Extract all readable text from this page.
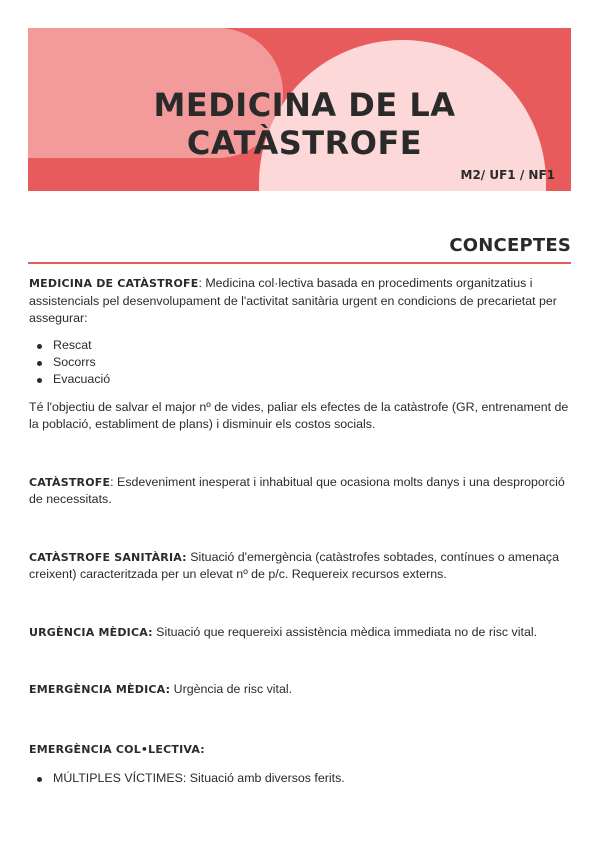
MEDICINA DE LA CATÀSTROFE
M2/ UF1 / NF1
CONCEPTES

MEDICINA DE CATÀSTROFE: Medicina col·lectiva basada en procediments organitzatius i assistencials pel desenvolupament de l'activitat sanitària urgent en condicions de precarietat per assegurar:

Rescat
Socorrs
Evacuació

Té l'objectiu de salvar el major nº de vides, paliar els efectes de la catàstrofe (GR, entrenament de la població, establiment de plans) i disminuir els costos socials.

CATÀSTROFE: Esdeveniment inesperat i inhabitual que ocasiona molts danys i una desproporció de necessitats.

CATÀSTROFE SANITÀRIA: Situació d'emergència (catàstrofes sobtades, contínues o amenaça creixent) caracteritzada per un elevat nº de p/c. Requereix recursos externs.

URGÈNCIA MÈDICA: Situació que requereixi assistència mèdica immediata no de risc vital.

EMERGÈNCIA MÈDICA: Urgència de risc vital.

EMERGÈNCIA COL•LECTIVA:

MÚLTIPLES VÍCTIMES: Situació amb diversos ferits.
